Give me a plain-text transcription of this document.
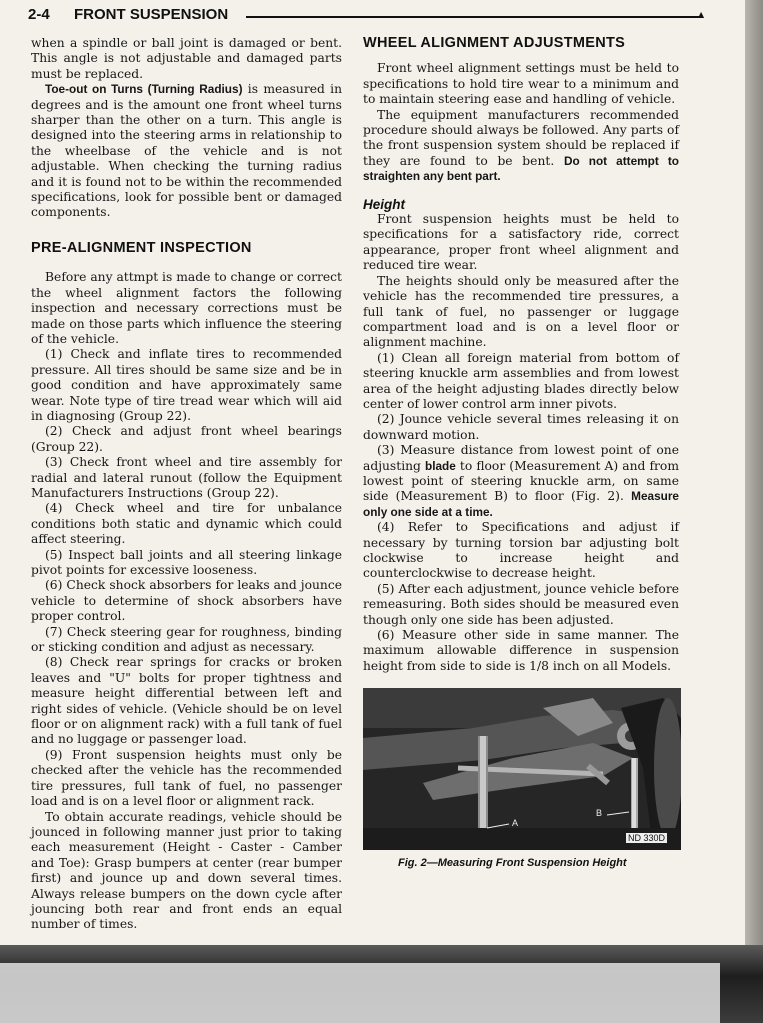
2-4 FRONT SUSPENSION	▲

when a spindle or ball joint is damaged or bent. This angle is not adjustable and damaged parts must be replaced.

Toe-out on Turns (Turning Radius) is measured in degrees and is the amount one front wheel turns sharper than the other on a turn. This angle is designed into the steering arms in relationship to the wheelbase of the vehicle and is not adjustable. When checking the turning radius and it is found not to be within the recommended specifications, look for possible bent or damaged components.

PRE-ALIGNMENT INSPECTION

Before any attmpt is made to change or correct the wheel alignment factors the following inspection and necessary corrections must be made on those parts which influence the steering of the vehicle.

(1) Check and inflate tires to recommended pressure. All tires should be same size and be in good condition and have approximately same wear. Note type of tire tread wear which will aid in diagnosing (Group 22).

(2) Check and adjust front wheel bearings (Group 22).

(3) Check front wheel and tire assembly for radial and lateral runout (follow the Equipment Manufacturers Instructions (Group 22).

(4) Check wheel and tire for unbalance conditions both static and dynamic which could affect steering.

(5) Inspect ball joints and all steering linkage pivot points for excessive looseness.

(6) Check shock absorbers for leaks and jounce vehicle to determine of shock absorbers have proper control.

(7) Check steering gear for roughness, binding or sticking condition and adjust as necessary.

(8) Check rear springs for cracks or broken leaves and "U" bolts for proper tightness and measure height differential between left and right sides of vehicle. (Vehicle should be on level floor or on alignment rack) with a full tank of fuel and no luggage or passenger load.

(9) Front suspension heights must only be checked after the vehicle has the recommended tire pressures, full tank of fuel, no passenger load and is on a level floor or alignment rack.

To obtain accurate readings, vehicle should be jounced in following manner just prior to taking each measurement (Height - Caster - Camber and Toe): Grasp bumpers at center (rear bumper first) and jounce up and down several times. Always release bumpers on the down cycle after jouncing both rear and front ends an equal number of times.

WHEEL ALIGNMENT ADJUSTMENTS

Front wheel alignment settings must be held to specifications to hold tire wear to a minimum and to maintain steering ease and handling of vehicle.

The equipment manufacturers recommended procedure should always be followed. Any parts of the front suspension system should be replaced if they are found to be bent. Do not attempt to straighten any bent part.

Height

Front suspension heights must be held to specifications for a satisfactory ride, correct appearance, proper front wheel alignment and reduced tire wear.

The heights should only be measured after the vehicle has the recommended tire pressures, a full tank of fuel, no passenger or luggage compartment load and is on a level floor or alignment machine.

(1) Clean all foreign material from bottom of steering knuckle arm assemblies and from lowest area of the height adjusting blades directly below center of lower control arm inner pivots.

(2) Jounce vehicle several times releasing it on downward motion.

(3) Measure distance from lowest point of one adjusting blade to floor (Measurement A) and from lowest point of steering knuckle arm, on same side (Measurement B) to floor (Fig. 2). Measure only one side at a time.

(4) Refer to Specifications and adjust if necessary by turning torsion bar adjusting bolt clockwise to increase height and counterclockwise to decrease height.

(5) After each adjustment, jounce vehicle before remeasuring. Both sides should be measured even though only one side has been adjusted.

(6) Measure other side in same manner. The maximum allowable difference in suspension height from side to side is 1/8 inch on all Models.

A
B
ND 330D
Fig. 2—Measuring Front Suspension Height
